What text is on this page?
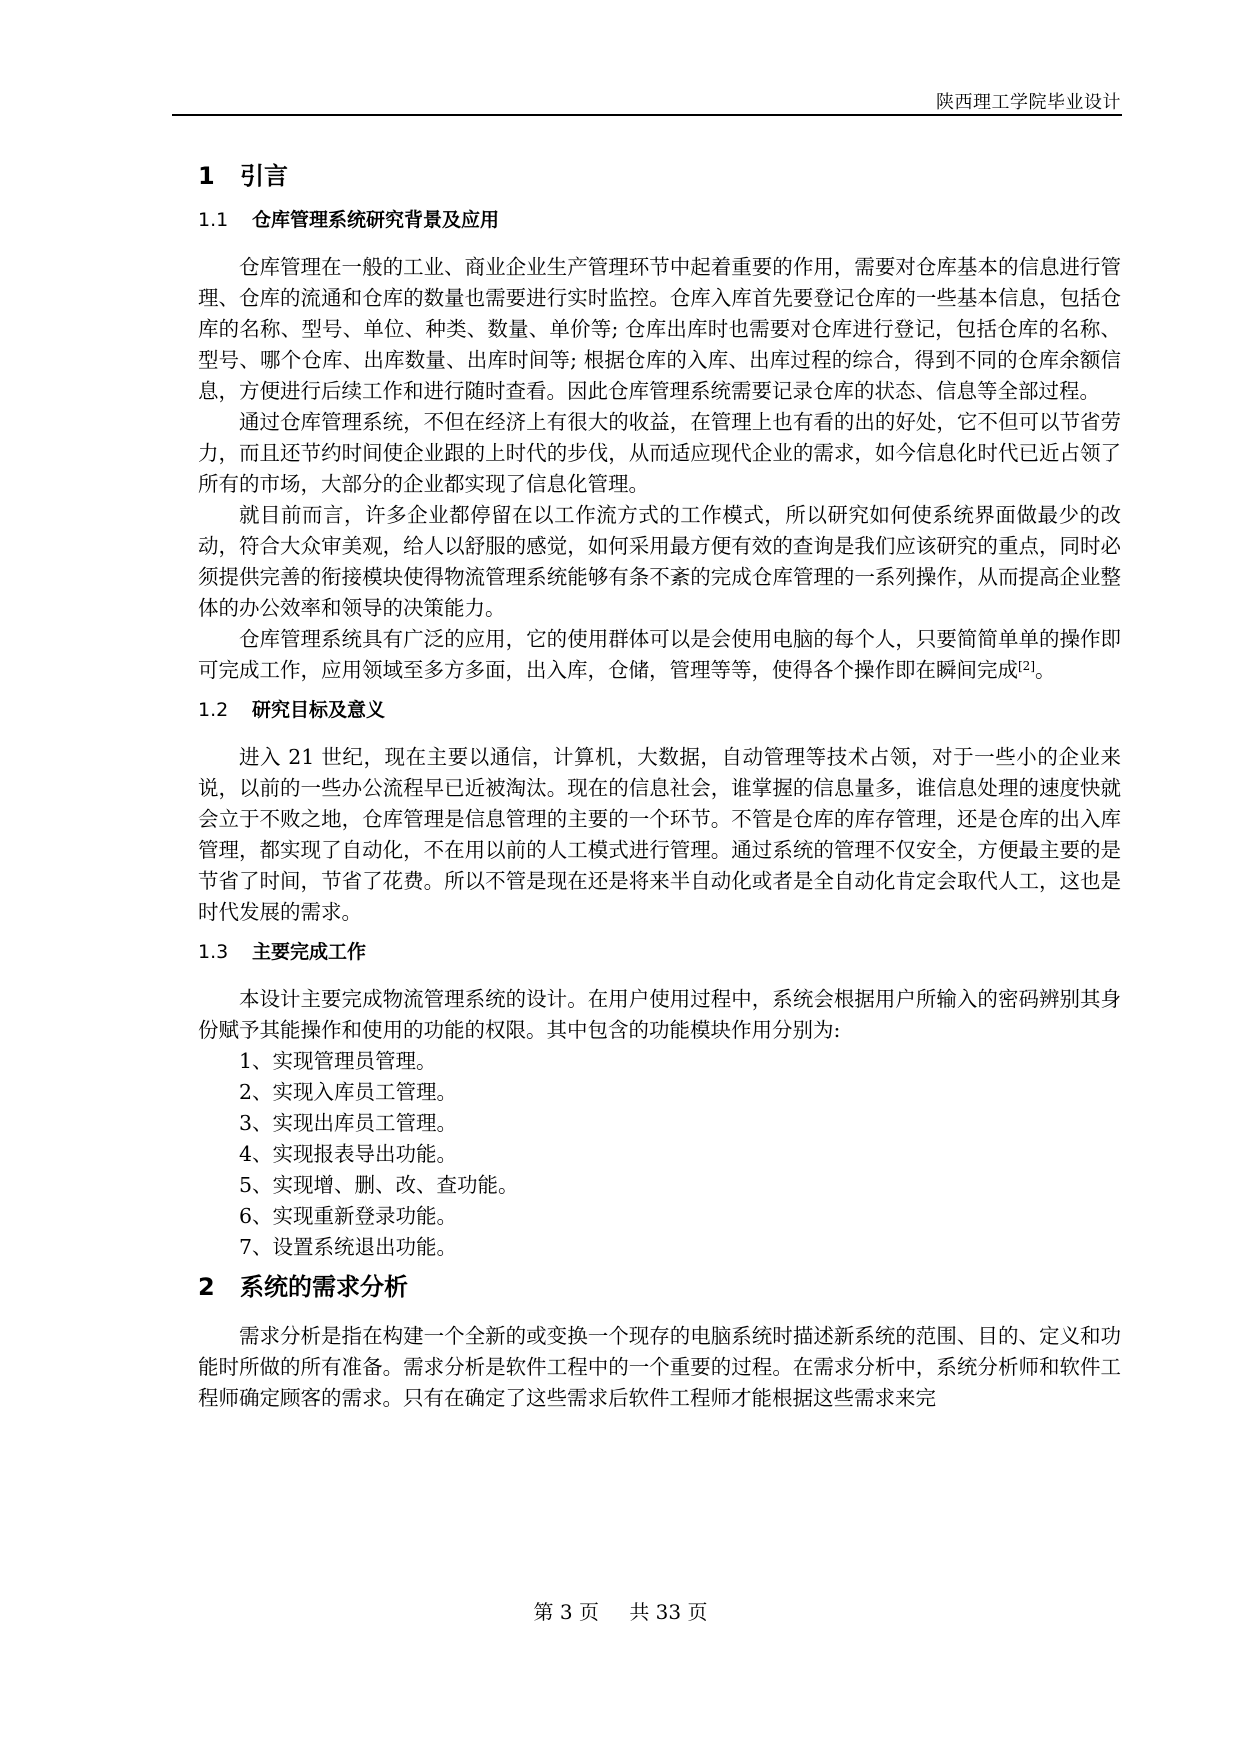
陕西理工学院毕业设计
1 引言
1.1 仓库管理系统研究背景及应用

仓库管理在一般的工业、商业企业生产管理环节中起着重要的作用，需要对仓库基本的信息进行管理、仓库的流通和仓库的数量也需要进行实时监控。仓库入库首先要登记仓库的一些基本信息，包括仓库的名称、型号、单位、种类、数量、单价等; 仓库出库时也需要对仓库进行登记，包括仓库的名称、型号、哪个仓库、出库数量、出库时间等; 根据仓库的入库、出库过程的综合，得到不同的仓库余额信息，方便进行后续工作和进行随时查看。因此仓库管理系统需要记录仓库的状态、信息等全部过程。

通过仓库管理系统，不但在经济上有很大的收益，在管理上也有看的出的好处，它不但可以节省劳力，而且还节约时间使企业跟的上时代的步伐，从而适应现代企业的需求，如今信息化时代已近占领了所有的市场，大部分的企业都实现了信息化管理。

就目前而言，许多企业都停留在以工作流方式的工作模式，所以研究如何使系统界面做最少的改动，符合大众审美观，给人以舒服的感觉，如何采用最方便有效的查询是我们应该研究的重点，同时必须提供完善的衔接模块使得物流管理系统能够有条不紊的完成仓库管理的一系列操作，从而提高企业整体的办公效率和领导的决策能力。

仓库管理系统具有广泛的应用，它的使用群体可以是会使用电脑的每个人，只要简简单单的操作即可完成工作，应用领域至多方多面，出入库，仓储，管理等等，使得各个操作即在瞬间完成[2]。

1.2 研究目标及意义

进入 21 世纪，现在主要以通信，计算机，大数据，自动管理等技术占领，对于一些小的企业来说，以前的一些办公流程早已近被淘汰。现在的信息社会，谁掌握的信息量多，谁信息处理的速度快就会立于不败之地，仓库管理是信息管理的主要的一个环节。不管是仓库的库存管理，还是仓库的出入库管理，都实现了自动化，不在用以前的人工模式进行管理。通过系统的管理不仅安全，方便最主要的是节省了时间，节省了花费。所以不管是现在还是将来半自动化或者是全自动化肯定会取代人工，这也是时代发展的需求。

1.3 主要完成工作

本设计主要完成物流管理系统的设计。在用户使用过程中，系统会根据用户所输入的密码辨别其身份赋予其能操作和使用的功能的权限。其中包含的功能模块作用分别为:

1、实现管理员管理。
2、实现入库员工管理。
3、实现出库员工管理。
4、实现报表导出功能。
5、实现增、删、改、查功能。
6、实现重新登录功能。
7、设置系统退出功能。
2 系统的需求分析

需求分析是指在构建一个全新的或变换一个现存的电脑系统时描述新系统的范围、目的、定义和功能时所做的所有准备。需求分析是软件工程中的一个重要的过程。在需求分析中，系统分析师和软件工程师确定顾客的需求。只有在确定了这些需求后软件工程师才能根据这些需求来完

第 3 页 共 33 页
